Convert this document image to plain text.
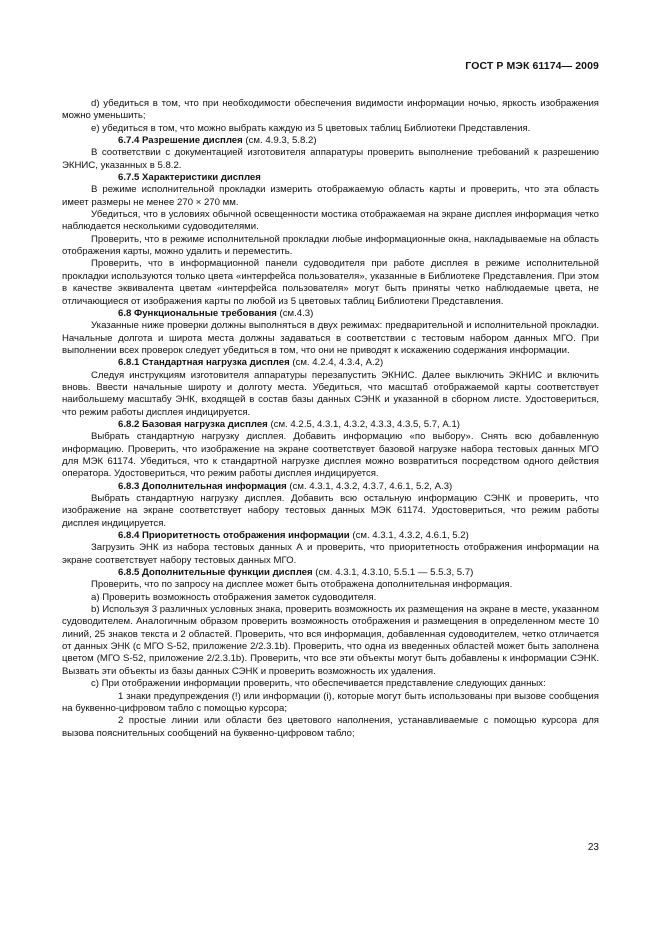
ГОСТ Р МЭК 61174— 2009

d) убедиться в том, что при необходимости обеспечения видимости информации ночью, яркость изображения можно уменьшить;

е) убедиться в том, что можно выбрать каждую из 5 цветовых таблиц Библиотеки Представления.

6.7.4 Разрешение дисплея (см. 4.9.3, 5.8.2)

В соответствии с документацией изготовителя аппаратуры проверить выполнение требований к разрешению ЭКНИС, указанных в 5.8.2.

6.7.5 Характеристики дисплея

В режиме исполнительной прокладки измерить отображаемую область карты и проверить, что эта область имеет размеры не менее 270 × 270 мм.

Убедиться, что в условиях обычной освещенности мостика отображаемая на экране дисплея информация четко наблюдается несколькими судоводителями.

Проверить, что в режиме исполнительной прокладки любые информационные окна, накладываемые на область отображения карты, можно удалить и переместить.

Проверить, что в информационной панели судоводителя при работе дисплея в режиме исполнительной прокладки используются только цвета «интерфейса пользователя», указанные в Библиотеке Представления. При этом в качестве эквивалента цветам «интерфейса пользователя» могут быть приняты четко наблюдаемые цвета, не отличающиеся от изображения карты по любой из 5 цветовых таблиц Библиотеки Представления.

6.8 Функциональные требования (см.4.3)

Указанные ниже проверки должны выполняться в двух режимах: предварительной и исполнительной прокладки. Начальные долгота и широта места должны задаваться в соответствии с тестовым набором данных МГО. При выполнении всех проверок следует убедиться в том, что они не приводят к искажению содержания информации.

6.8.1 Стандартная нагрузка дисплея (см. 4.2.4, 4.3.4, А.2)

Следуя инструкциям изготовителя аппаратуры перезапустить ЭКНИС. Далее выключить ЭКНИС и включить вновь. Ввести начальные широту и долготу места. Убедиться, что масштаб отображаемой карты соответствует наибольшему масштабу ЭНК, входящей в состав базы данных СЭНК и указанной в сборном листе. Удостовериться, что режим работы дисплея индицируется.

6.8.2 Базовая нагрузка дисплея (см. 4.2.5, 4.3.1, 4.3.2, 4.3.3, 4.3.5, 5.7, А.1)

Выбрать стандартную нагрузку дисплея. Добавить информацию «по выбору». Снять всю добавленную информацию. Проверить, что изображение на экране соответствует базовой нагрузке набора тестовых данных МГО для МЭК 61174. Убедиться, что к стандартной нагрузке дисплея можно возвратиться посредством одного действия оператора. Удостовериться, что режим работы дисплея индицируется.

6.8.3 Дополнительная информация (см. 4.3.1, 4.3.2, 4.3.7, 4.6.1, 5.2, А.3)

Выбрать стандартную нагрузку дисплея. Добавить всю остальную информацию СЭНК и проверить, что изображение на экране соответствует набору тестовых данных МЭК 61174. Удостовериться, что режим работы дисплея индицируется.

6.8.4 Приоритетность отображения информации (см. 4.3.1, 4.3.2, 4.6.1, 5.2)

Загрузить ЭНК из набора тестовых данных А и проверить, что приоритетность отображения информации на экране соответствует набору тестовых данных МГО.

6.8.5 Дополнительные функции дисплея (см. 4.3.1, 4.3.10, 5.5.1 — 5.5.3, 5.7)

Проверить, что по запросу на дисплее может быть отображена дополнительная информация.

а) Проверить возможность отображения заметок судоводителя.

b) Используя 3 различных условных знака, проверить возможность их размещения на экране в месте, указанном судоводителем. Аналогичным образом проверить возможность отображения и размещения в определенном месте 10 линий, 25 знаков текста и 2 областей. Проверить, что вся информация, добавленная судоводителем, четко отличается от данных ЭНК (с МГО S-52, приложение 2/2.3.1b). Проверить, что одна из введенных областей может быть заполнена цветом (МГО S-52, приложение 2/2.3.1b). Проверить, что все эти объекты могут быть добавлены к информации СЭНК. Вызвать эти объекты из базы данных СЭНК и проверить возможность их удаления.

c) При отображении информации проверить, что обеспечивается представление следующих данных:

1 знаки предупреждения (!) или информации (i), которые могут быть использованы при вызове сообщения на буквенно-цифровом табло с помощью курсора;

2 простые линии или области без цветового наполнения, устанавливаемые с помощью курсора для вызова пояснительных сообщений на буквенно-цифровом табло;

23
